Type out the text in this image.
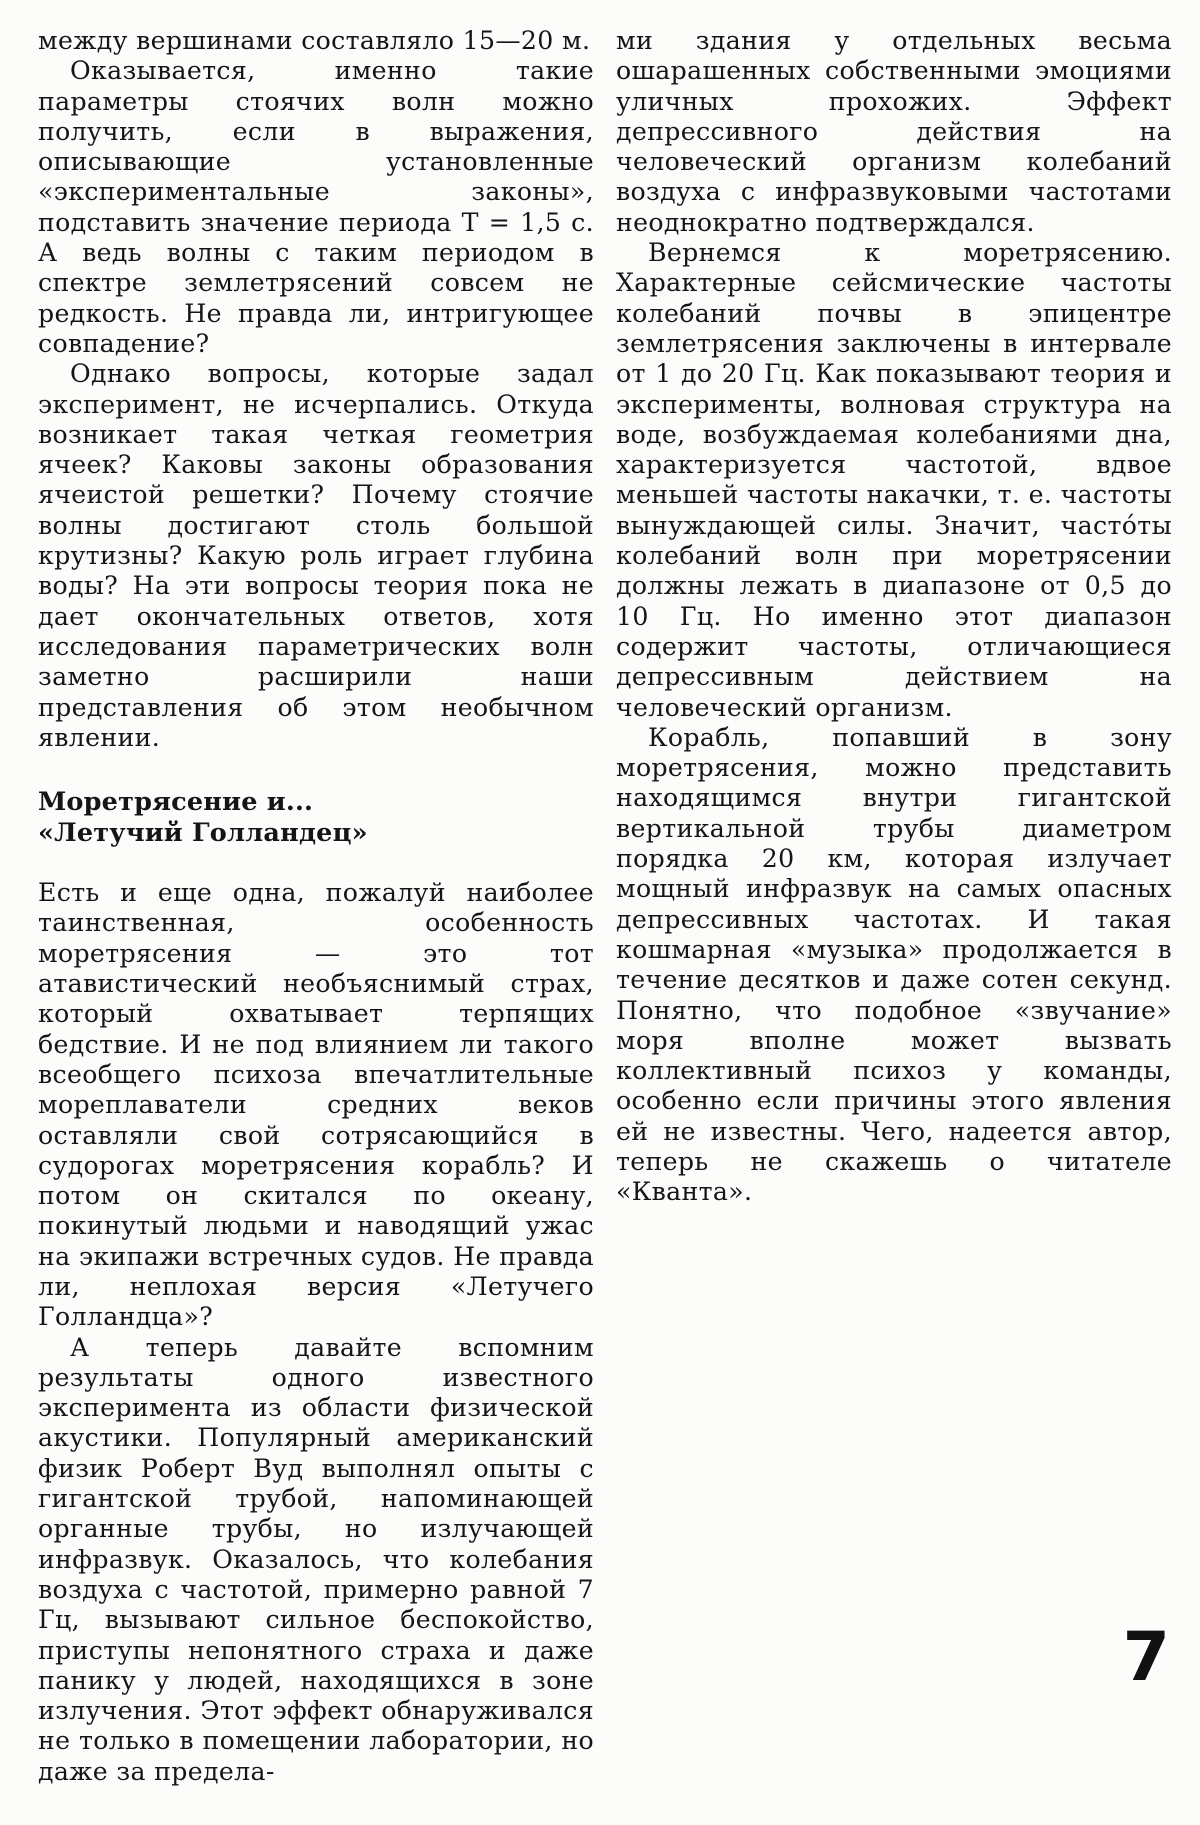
между вершинами составляло 15—20 м.

Оказывается, именно такие параметры стоячих волн можно получить, если в выражения, описывающие установленные «экспериментальные законы», подставить значение периода T = 1,5 с. А ведь волны с таким периодом в спектре землетрясений совсем не редкость. Не правда ли, интригующее совпадение?

Однако вопросы, которые задал эксперимент, не исчерпались. Откуда возникает такая четкая геометрия ячеек? Каковы законы образования ячеистой решетки? Почему стоячие волны достигают столь большой крутизны? Какую роль играет глубина воды? На эти вопросы теория пока не дает окончательных ответов, хотя исследования параметрических волн заметно расширили наши представления об этом необычном явлении.

Моретрясение и...
«Летучий Голландец»

Есть и еще одна, пожалуй наиболее таинственная, особенность моретрясения — это тот атавистический необъяснимый страх, который охватывает терпящих бедствие. И не под влиянием ли такого всеобщего психоза впечатлительные мореплаватели средних веков оставляли свой сотрясающийся в судорогах моретрясения корабль? И потом он скитался по океану, покинутый людьми и наводящий ужас на экипажи встречных судов. Не правда ли, неплохая версия «Летучего Голландца»?

А теперь давайте вспомним результаты одного известного эксперимента из области физической акустики. Популярный американский физик Роберт Вуд выполнял опыты с гигантской трубой, напоминающей органные трубы, но излучающей инфразвук. Оказалось, что колебания воздуха с частотой, примерно равной 7 Гц, вызывают сильное беспокойство, приступы непонятного страха и даже панику у людей, находящихся в зоне излучения. Этот эффект обнаруживался не только в помещении лаборатории, но даже за предела-

ми здания у отдельных весьма ошарашенных собственными эмоциями уличных прохожих. Эффект депрессивного действия на человеческий организм колебаний воздуха с инфразвуковыми частотами неоднократно подтверждался.

Вернемся к моретрясению. Характерные сейсмические частоты колебаний почвы в эпицентре землетрясения заключены в интервале от 1 до 20 Гц. Как показывают теория и эксперименты, волновая структура на воде, возбуждаемая колебаниями дна, характеризуется частотой, вдвое меньшей частоты накачки, т. е. частоты вынуждающей силы. Значит, часто́ты колебаний волн при моретрясении должны лежать в диапазоне от 0,5 до 10 Гц. Но именно этот диапазон содержит частоты, отличающиеся депрессивным действием на человеческий организм.

Корабль, попавший в зону моретрясения, можно представить находящимся внутри гигантской вертикальной трубы диаметром порядка 20 км, которая излучает мощный инфразвук на самых опасных депрессивных частотах. И такая кошмарная «музыка» продолжается в течение десятков и даже сотен секунд. Понятно, что подобное «звучание» моря вполне может вызвать коллективный психоз у команды, особенно если причины этого явления ей не известны. Чего, надеется автор, теперь не скажешь о читателе «Кванта».

7
